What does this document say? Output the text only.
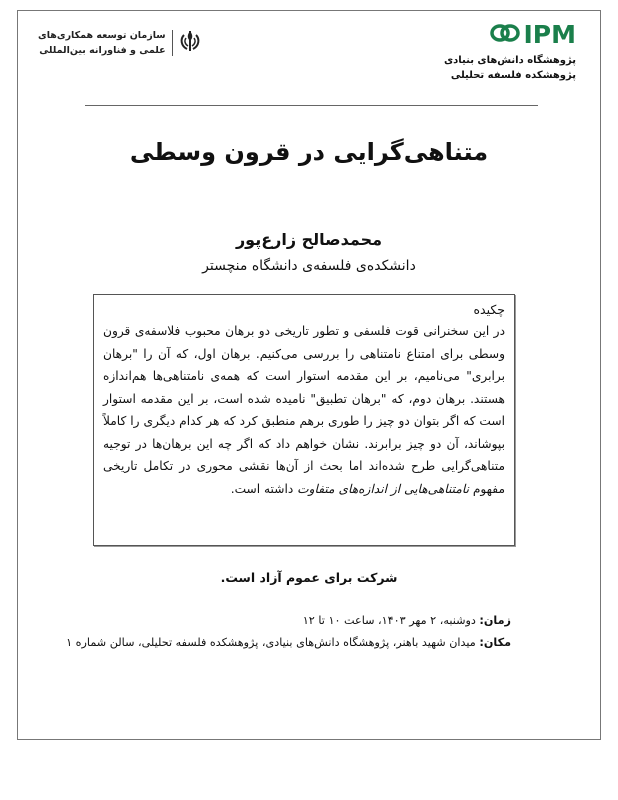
IPM
پژوهشگاه دانش‌های بنیادی
پژوهشکده فلسفه تحلیلی
سازمان توسعه همکاری‌های
علمی و فناورانه بین‌المللی
متناهی‌گرایی در قرون وسطی
محمدصالح زارع‌پور
دانشکده‌ی فلسفه‌ی دانشگاه منچستر
چکیده
در این سخنرانی قوت فلسفی و تطور تاریخی دو برهان محبوب فلاسفه‌ی قرون وسطی برای امتناع نامتناهی را بررسی می‌کنیم. برهان اول، که آن را "برهان برابری" می‌نامیم، بر این مقدمه استوار است که همه‌ی نامتناهی‌ها هم‌اندازه هستند. برهان دوم، که "برهان تطبیق" نامیده شده است، بر این مقدمه استوار است که اگر بتوان دو چیز را طوری برهم منطبق کرد که هر کدام دیگری را کاملاً بپوشاند، آن دو چیز برابرند. نشان خواهم داد که اگر چه این برهان‌ها در توجیه متناهی‌گرایی طرح شده‌اند اما بحث از آن‌ها نقشی محوری در تکامل تاریخی مفهوم نامتناهی‌هایی از اندازه‌های متفاوت داشته است.
شرکت برای عموم آزاد است.
زمان: دوشنبه، ۲ مهر ۱۴۰۳، ساعت ۱۰ تا ۱۲
مکان: میدان شهید باهنر، پژوهشگاه دانش‌های بنیادی، پژوهشکده فلسفه تحلیلی، سالن شماره ۱
